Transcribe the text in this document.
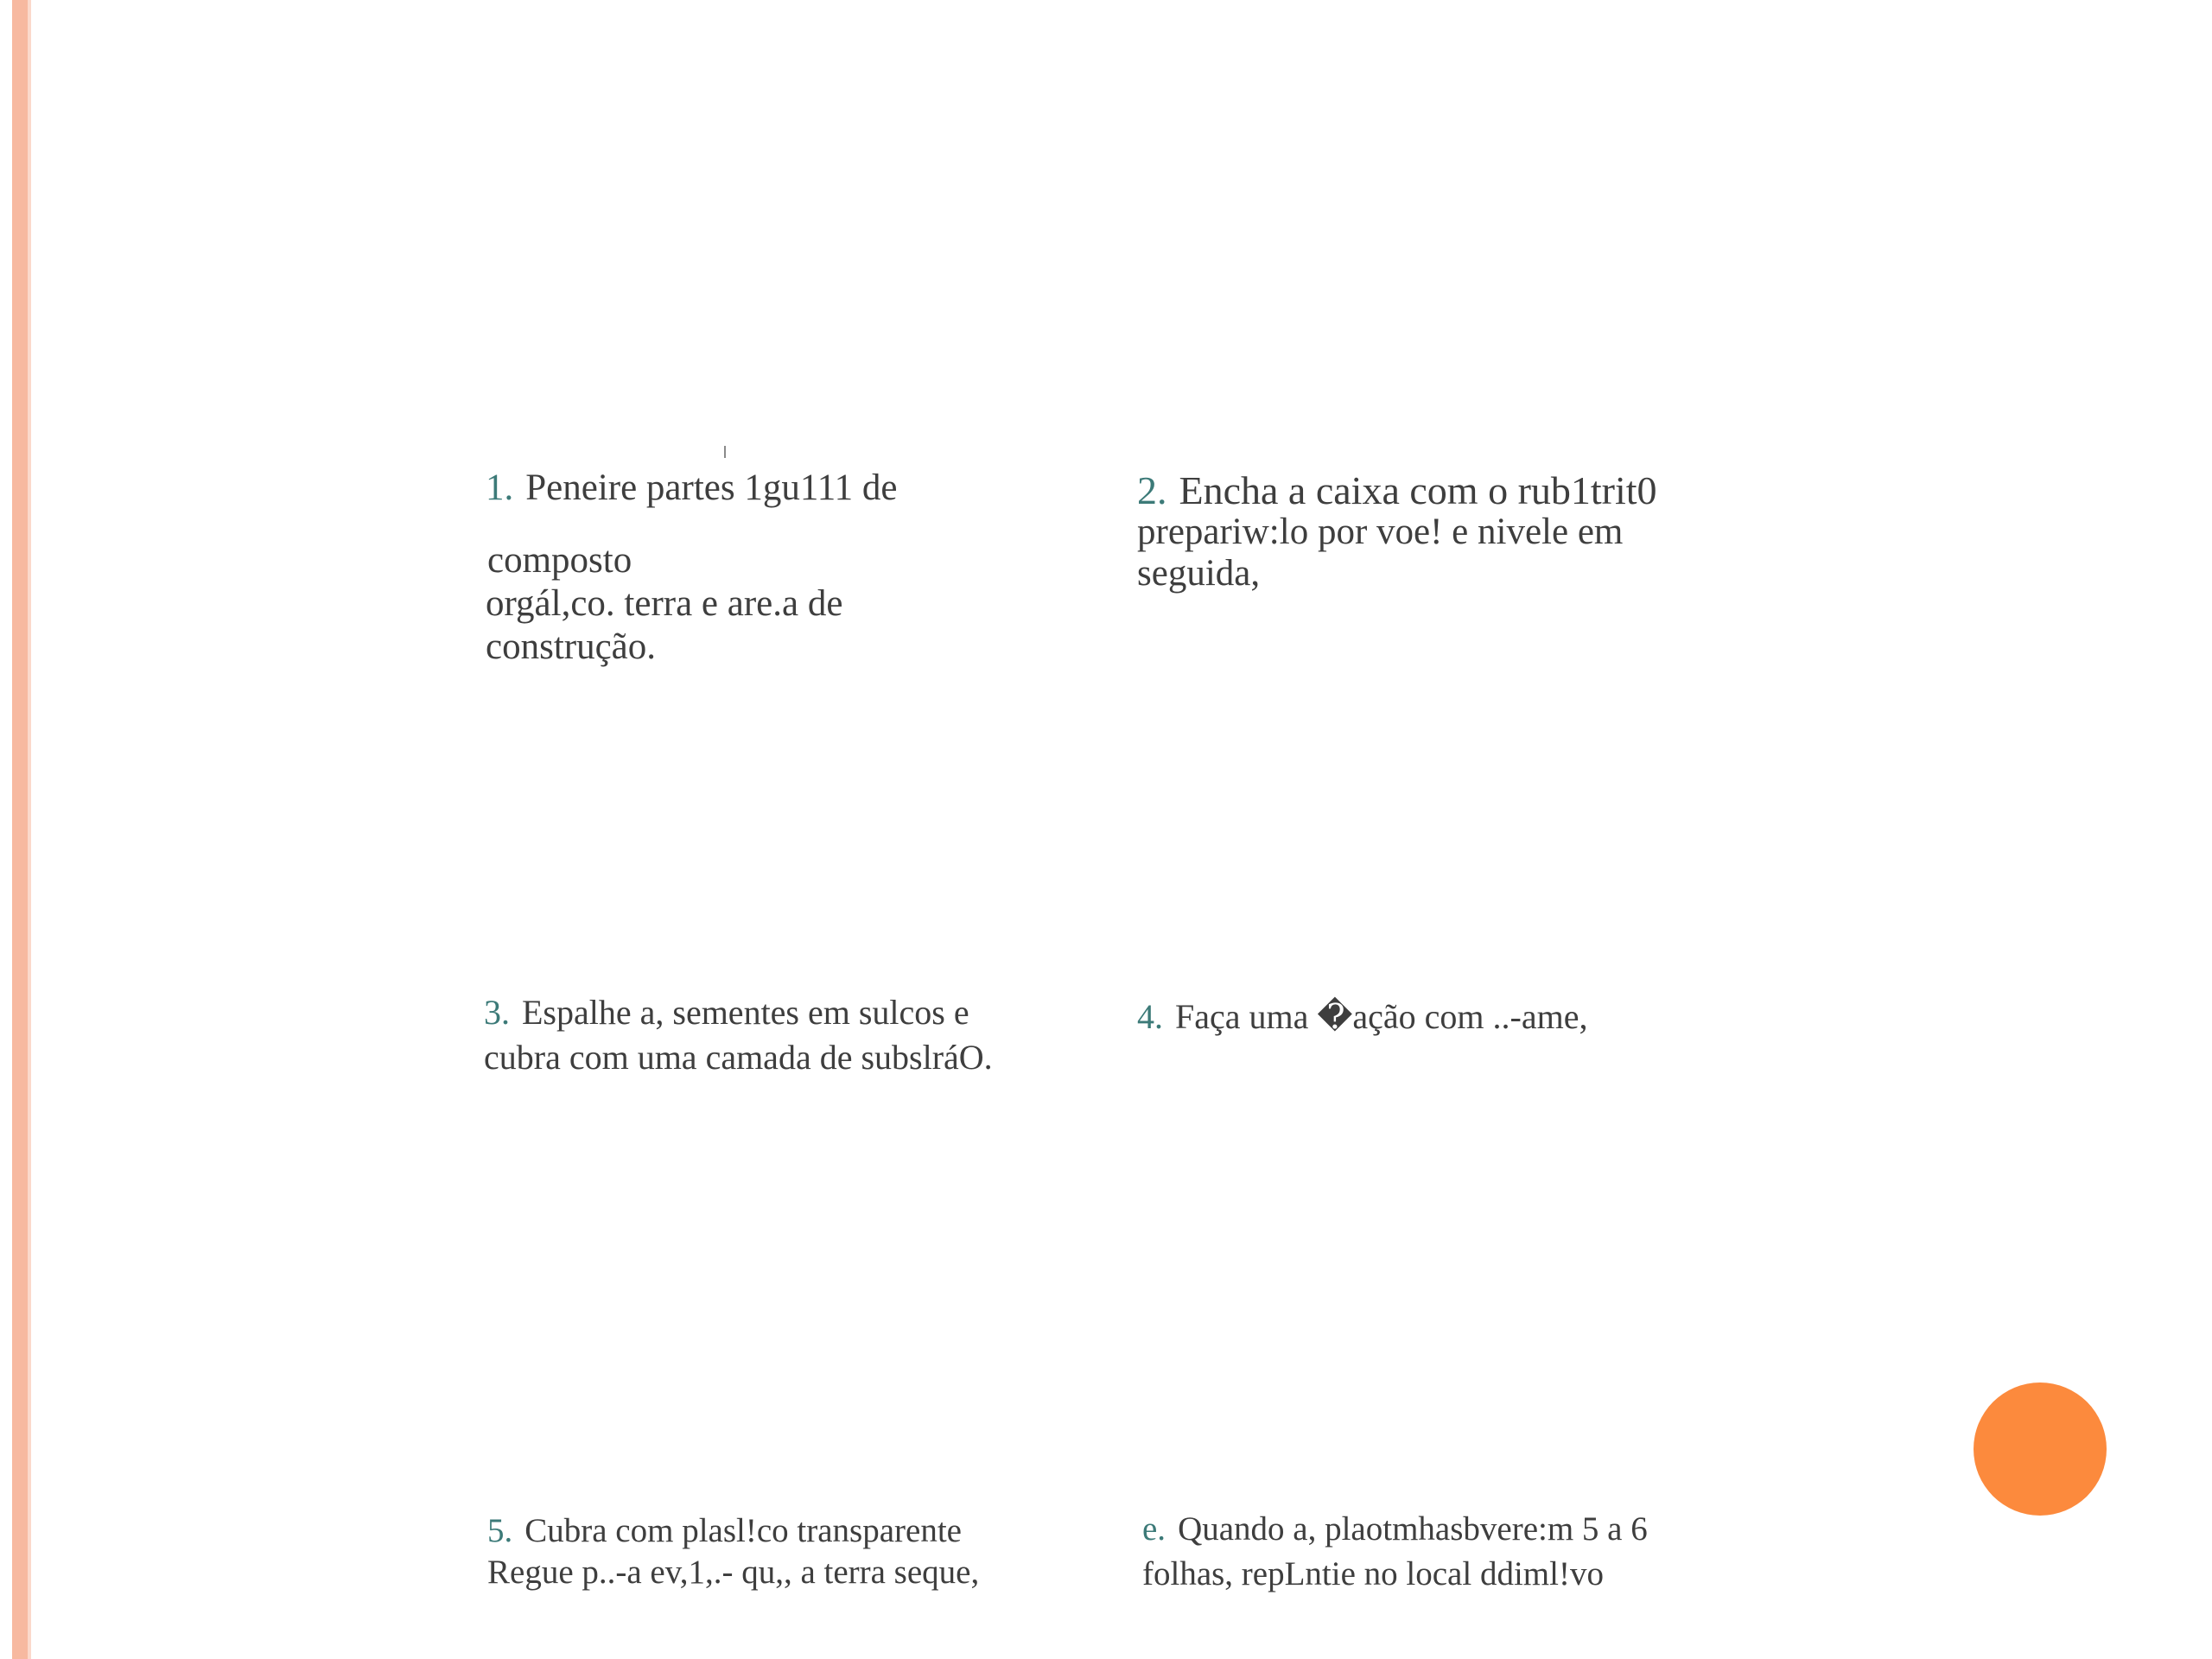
1. Peneire partes 1gu111 de
composto
orgál,co. terra e are.a de
construção.
2. Encha a caixa com o rub1trit0
prepariw:lo por voe! e nivele em
seguida,
3. Espalhe a, sementes em sulcos e
cubra com uma camada de subslráO.
4. Faça uma �ação com ..-ame,
5. Cubra com plasl!co transparente
Regue p..-a ev,1,.- qu,, a terra seque,
e. Quando a, plaotmhasbvere:m 5 a 6
folhas, repLntie no local ddiml!vo
